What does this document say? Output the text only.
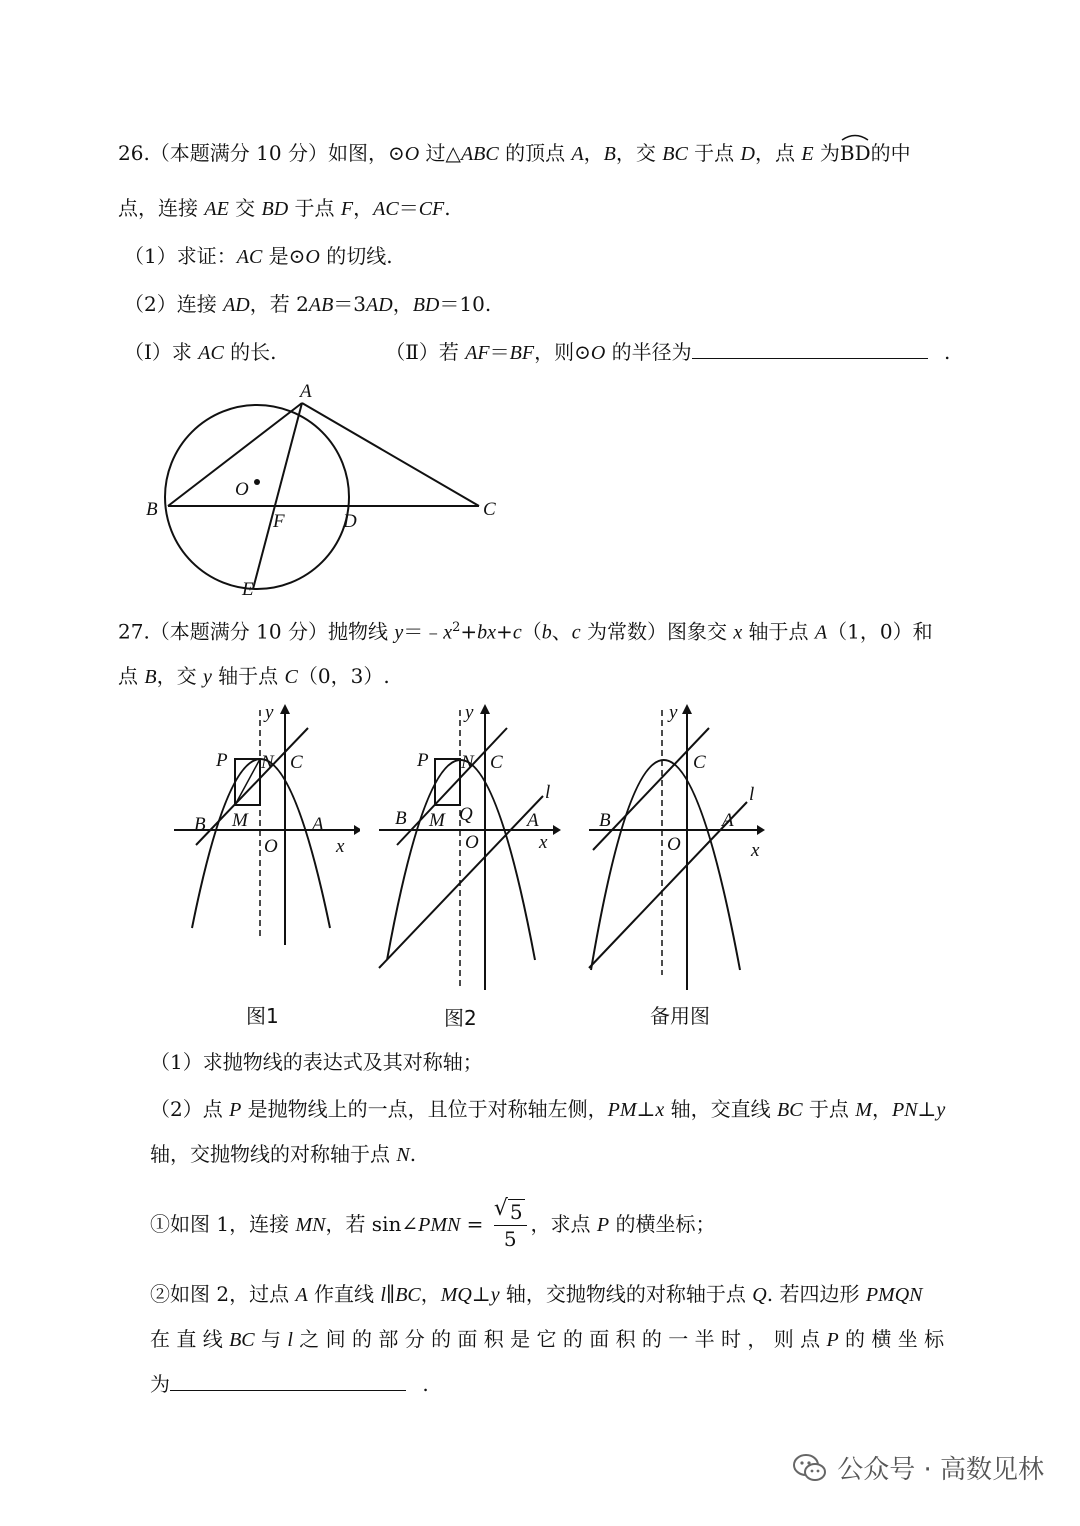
26.（本题满分 10 分）如图，⊙O 过△ABC 的顶点 A，B，交 BC 于点 D，点 E 为
BD的中
点，连接 AE 交 BD 于点 F，AC＝CF.
（1）求证：AC 是⊙O 的切线.
（2）连接 AD，若 2AB＝3AD，BD＝10.
（Ⅰ）求 AC 的长.	（Ⅱ）若 AF＝BF，则⊙O 的半径为	.
A
B	C
D
E
F
O
27.（本题满分 10 分）抛物线 $y=﹣x^2+bx+c(b$、c 为常数）图象交 x 轴于点 A（1，0）和
点 B，交 y 轴于点 C（0，3）.
P N C
B M	A
O	x
y
P N C
B M Q	A
O	x
l
y
B
C
A
O	x
l
y
图1	图2	备用图
（1）求抛物线的表达式及其对称轴；
（2）点 P 是抛物线上的一点，且位于对称轴左侧，PM⊥x 轴，交直线 BC 于点 M，PN⊥y
轴，交抛物线的对称轴于点 N.
①如图 1，连接 MN，若 sin∠PMN =
√ $\frac{5}{5}$ ，求点 P 的横坐标；
②如图 2，过点 A 作直线 l∥BC，MQ⊥y 轴，交抛物线的对称轴于点 Q. 若四边形 PMQN
在 直 线 BC 与 l 之 间 的 部 分 的 面 积 是 它 的 面 积 的 一 半 时 ， 则 点 P 的 横 坐 标
为	.
公众号 · 高数见林
